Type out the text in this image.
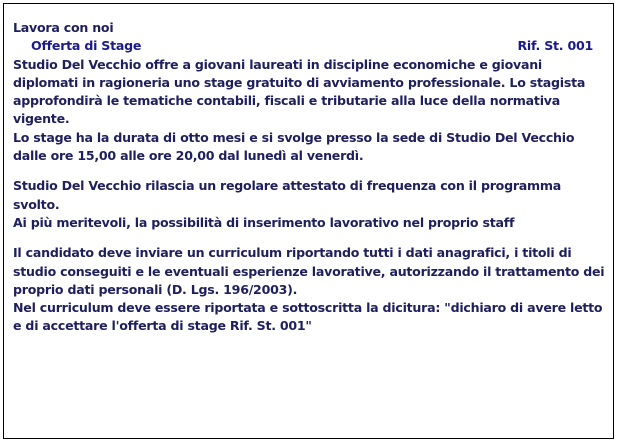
Lavora con noi

Offerta di Stage	Rif. St. 001

Studio Del Vecchio offre a giovani laureati in discipline economiche e giovani diplomati in ragioneria uno stage gratuito di avviamento professionale. Lo stagista approfondirà le tematiche contabili, fiscali e tributarie alla luce della normativa vigente.

Lo stage ha la durata di otto mesi e si svolge presso la sede di Studio Del Vecchio dalle ore 15,00 alle ore 20,00 dal lunedì al venerdì.

Studio Del Vecchio rilascia un regolare attestato di frequenza con il programma svolto.

Ai più meritevoli, la possibilità di inserimento lavorativo nel proprio staff

Il candidato deve inviare un curriculum riportando tutti i dati anagrafici, i titoli di studio conseguiti e le eventuali esperienze lavorative, autorizzando il trattamento dei proprio dati personali (D. Lgs. 196/2003).

Nel curriculum deve essere riportata e sottoscritta la dicitura: "dichiaro di avere letto e di accettare l'offerta di stage Rif. St. 001"
